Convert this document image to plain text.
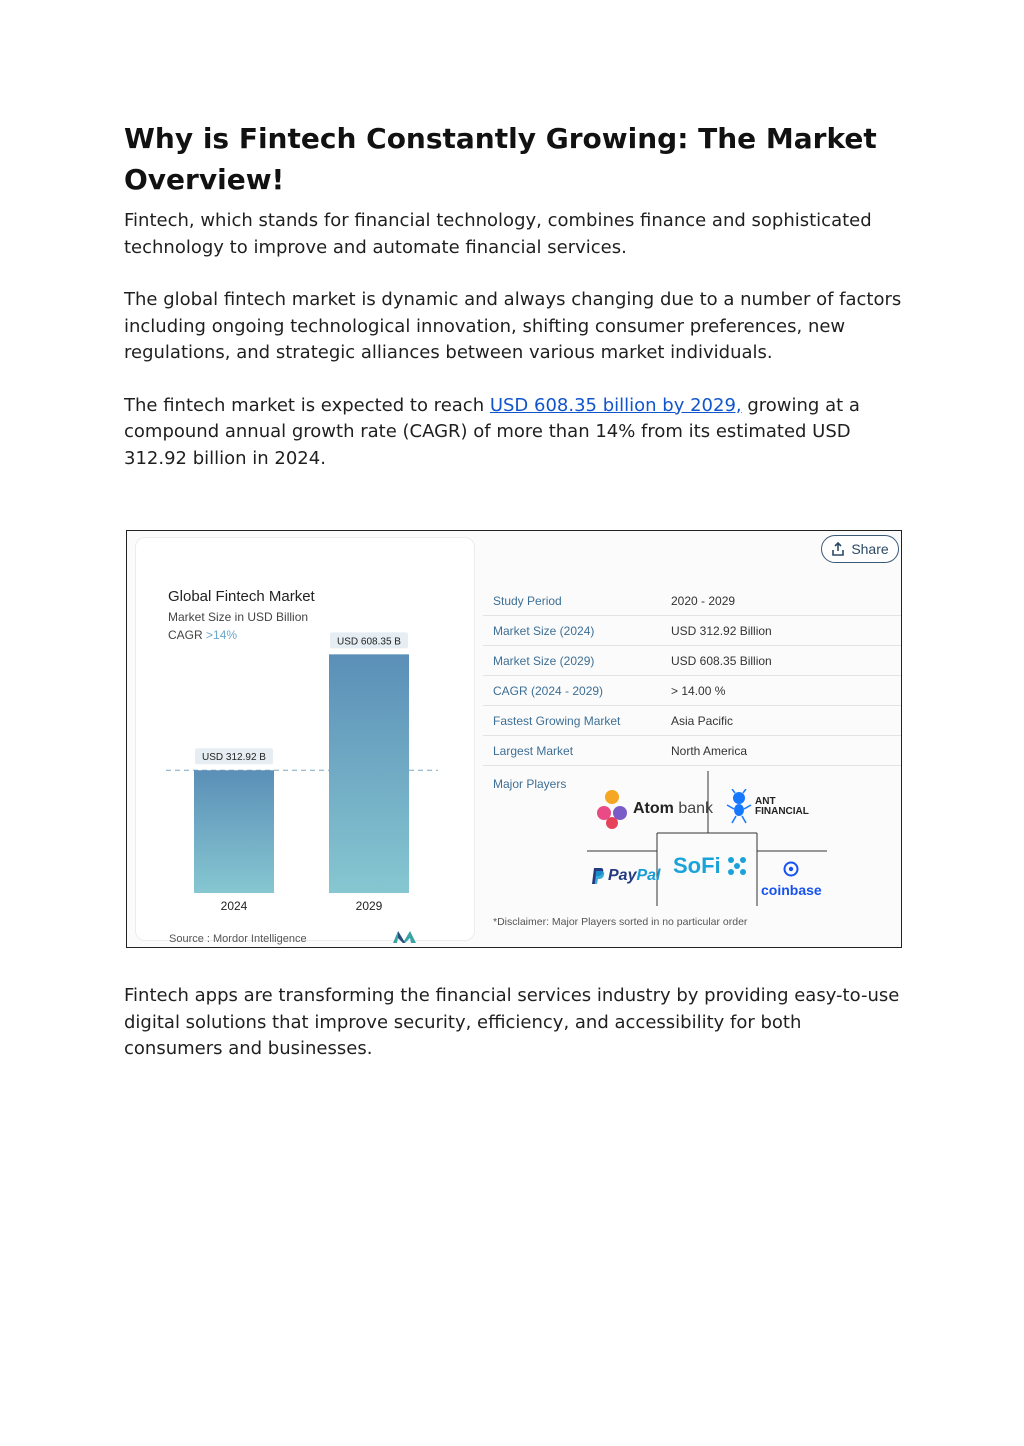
Why is Fintech Constantly Growing: The Market Overview!

Fintech, which stands for financial technology, combines finance and sophisticated technology to improve and automate financial services.

The global fintech market is dynamic and always changing due to a number of factors including ongoing technological innovation, shifting consumer preferences, new regulations, and strategic alliances between various market individuals.

The fintech market is expected to reach USD 608.35 billion by 2029, growing at a compound annual growth rate (CAGR) of more than 14% from its estimated USD 312.92 billion in 2024.

Global Fintech Market
Market Size in USD Billion
CAGR >14%
USD 312.92 B
2024
USD 608.35 B
2029
Source : Mordor Intelligence
Share
Study Period	2020 - 2029
Market Size (2024)	USD 312.92 Billion
Market Size (2029)	USD 608.35 Billion
CAGR (2024 - 2029)	> 14.00 %
Fastest Growing Market	Asia Pacific
Largest Market	North America
Major Players
Atom bank	ANT
FINANCIAL
PayPal SoFi
coinbase
*Disclaimer: Major Players sorted in no particular order

Fintech apps are transforming the financial services industry by providing easy-to-use digital solutions that improve security, efficiency, and accessibility for both consumers and businesses.
